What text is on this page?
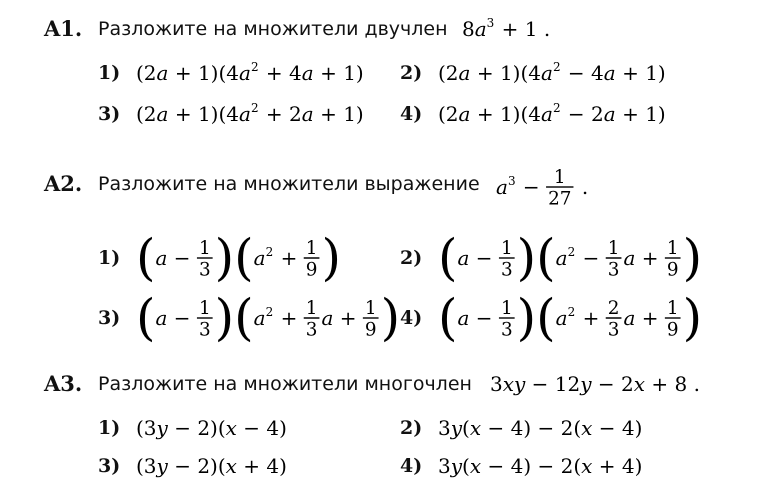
A1. Разложите на множители двучлен 8 a 3 + 1 .
1) (2 a + 1)(4 a 2 + 4 a + 1) 2) (2 a + 1)(4 a 2 − 4 a + 1)
3) (2 a + 1)(4 a 2 + 2 a + 1) 4) (2 a + 1)(4 a 2 − 2 a + 1)
A2. Разложите на множители выражение a 3 − 1
27
.
1) ( a − 1
3 ) ( a 2 + 1
9 )	2) ( a − 1
3 ) ( a 2 − 1
3
a + 1
9 )
3) ( a − 1
3 ) ( a 2 + 1
3
a + 1
9 ) 4) ( a − 1
3 ) ( a 2 + 2
3
a + 1
9 )
A3. Разложите на множители многочлен 3 xy − 12 y − 2 x + 8 .
1) (3 y − 2)( x − 4)	2) 3 y ( x − 4) − 2( x − 4)
3) (3 y − 2)( x + 4)	4) 3 y ( x − 4) − 2( x + 4)
